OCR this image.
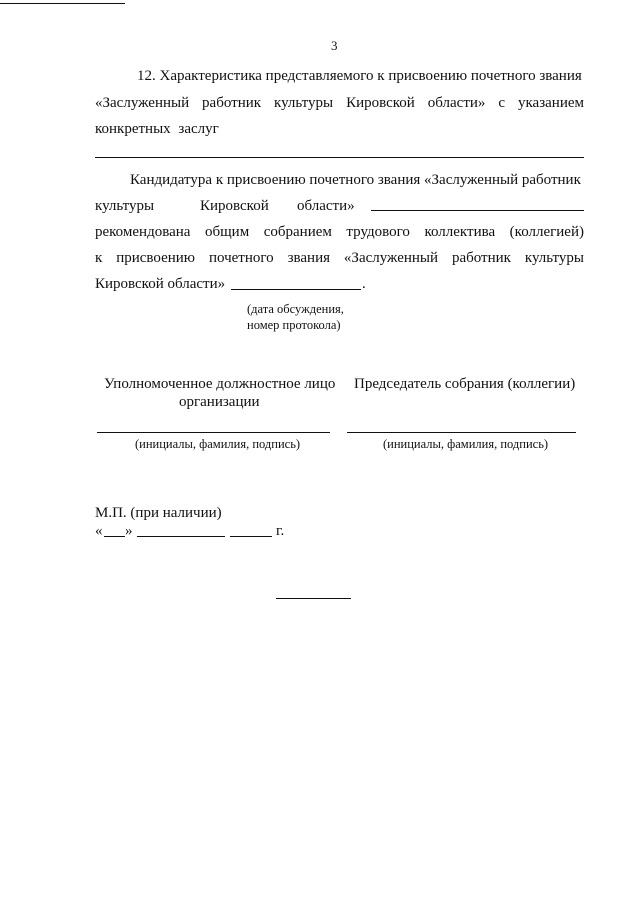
3
12. Характеристика представляемого к присвоению почетного звания
«Заслуженный работник культуры Кировской области» с указанием
конкретных заслуг
Кандидатура к присвоению почетного звания «Заслуженный работник
культуры	Кировской области»
рекомендована общим собранием трудового коллектива (коллегией)
к присвоению почетного звания «Заслуженный работник культуры
Кировской области»	.
(дата обсуждения,
номер протокола)
Уполномоченное должностное лицо
организации
Председатель собрания (коллегии)
(инициалы, фамилия, подпись)	(инициалы, фамилия, подпись)
М.П. (при наличии)
« »	г.
